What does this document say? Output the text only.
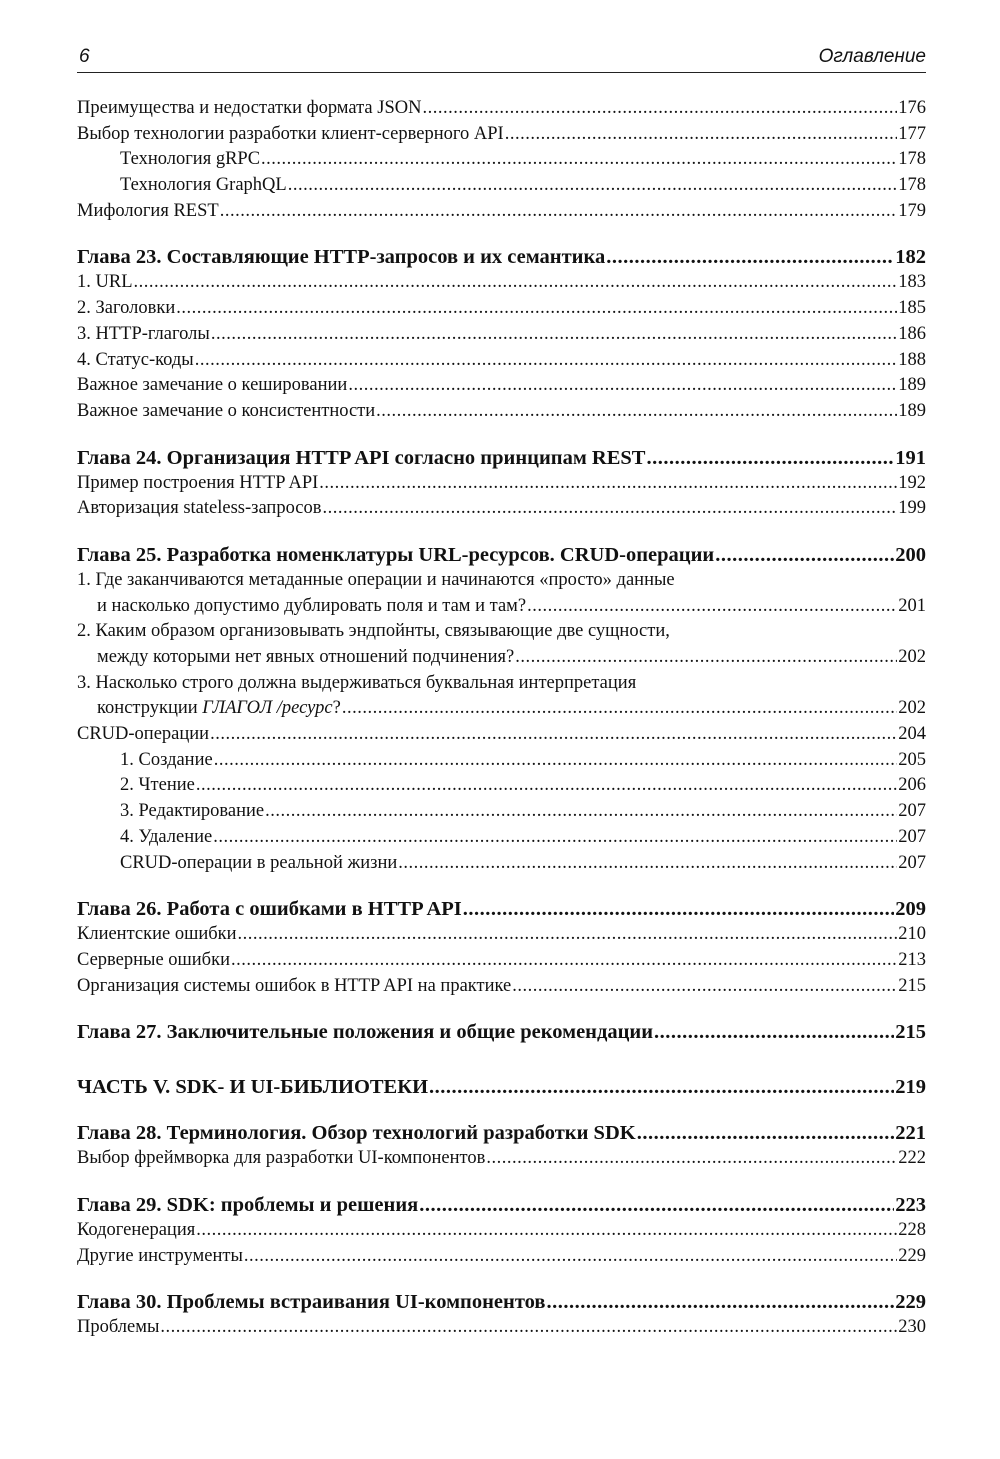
6	Оглавление
Преимущества и недостатки формата JSON .....	176
Выбор технологии разработки клиент-серверного API .....	177
Технология gRPC .....	178
Технология GraphQL .....	178
Мифология REST .....	179
Глава 23. Составляющие HTTP-запросов и их семантика .....	182
1. URL .....	183
2. Заголовки .....	185
3. HTTP-глаголы .....	186
4. Статус-коды .....	188
Важное замечание о кешировании .....	189
Важное замечание о консистентности .....	189
Глава 24. Организация HTTP API согласно принципам REST .....	191
Пример построения HTTP API .....	192
Авторизация stateless-запросов .....	199
Глава 25. Разработка номенклатуры URL-ресурсов. CRUD-операции .....	200
1. Где заканчиваются метаданные операции и начинаются «просто» данные
и насколько допустимо дублировать поля и там и там? .....	201
2. Каким образом организовывать эндпойнты, связывающие две сущности,
между которыми нет явных отношений подчинения? .....	202
3. Насколько строго должна выдерживаться буквальная интерпретация
конструкции ГЛАГОЛ /ресурс? .....	202
CRUD-операции .....	204
1. Создание .....	205
2. Чтение .....	206
3. Редактирование .....	207
4. Удаление .....	207
CRUD-операции в реальной жизни .....	207
Глава 26. Работа с ошибками в HTTP API .....	209
Клиентские ошибки .....	210
Серверные ошибки .....	213
Организация системы ошибок в HTTP API на практике .....	215
Глава 27. Заключительные положения и общие рекомендации .....	215
ЧАСТЬ V. SDK- И UI-БИБЛИОТЕКИ .....	219
Глава 28. Терминология. Обзор технологий разработки SDK .....	221
Выбор фреймворка для разработки UI-компонентов .....	222
Глава 29. SDK: проблемы и решения .....	223
Кодогенерация .....	228
Другие инструменты .....	229
Глава 30. Проблемы встраивания UI-компонентов .....	229
Проблемы .....	230
